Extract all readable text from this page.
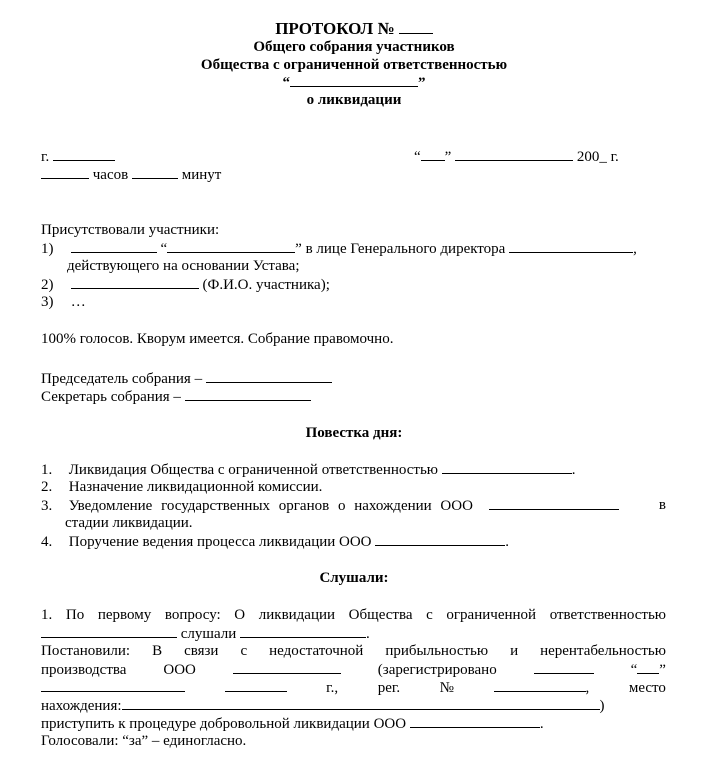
ПРОТОКОЛ №
Общего собрания участников
Общества с ограниченной ответственностью
“	”
о ликвидации
г.	“ ”	200_ г.
часов	минут
Присутствовали участники:
1)	“	” в лице Генерального директора	,
действующего на основании Устава;
2)	(Ф.И.О. участника);
3) …
100% голосов. Кворум имеется. Собрание правомочно.
Председатель собрания –
Секретарь собрания –
Повестка дня:
1. Ликвидация Общества с ограниченной ответственностью	.
2. Назначение ликвидационной комиссии.
3. Уведомление государственных органов о нахождении ООО	в
стадии ликвидации.
4. Поручение ведения процесса ликвидации ООО	.
Слушали:
1. По первому вопросу: О ликвидации Общества с ограниченной ответственностью
слушали	.
Постановили: В связи с недостаточной прибыльностью и нерентабельностью
производства ООО	(зарегистрировано	“ ”
г.,	рег.	№	,	место
нахождения:	)
приступить к процедуре добровольной ликвидации ООО	.
Голосовали: “за” – единогласно.
